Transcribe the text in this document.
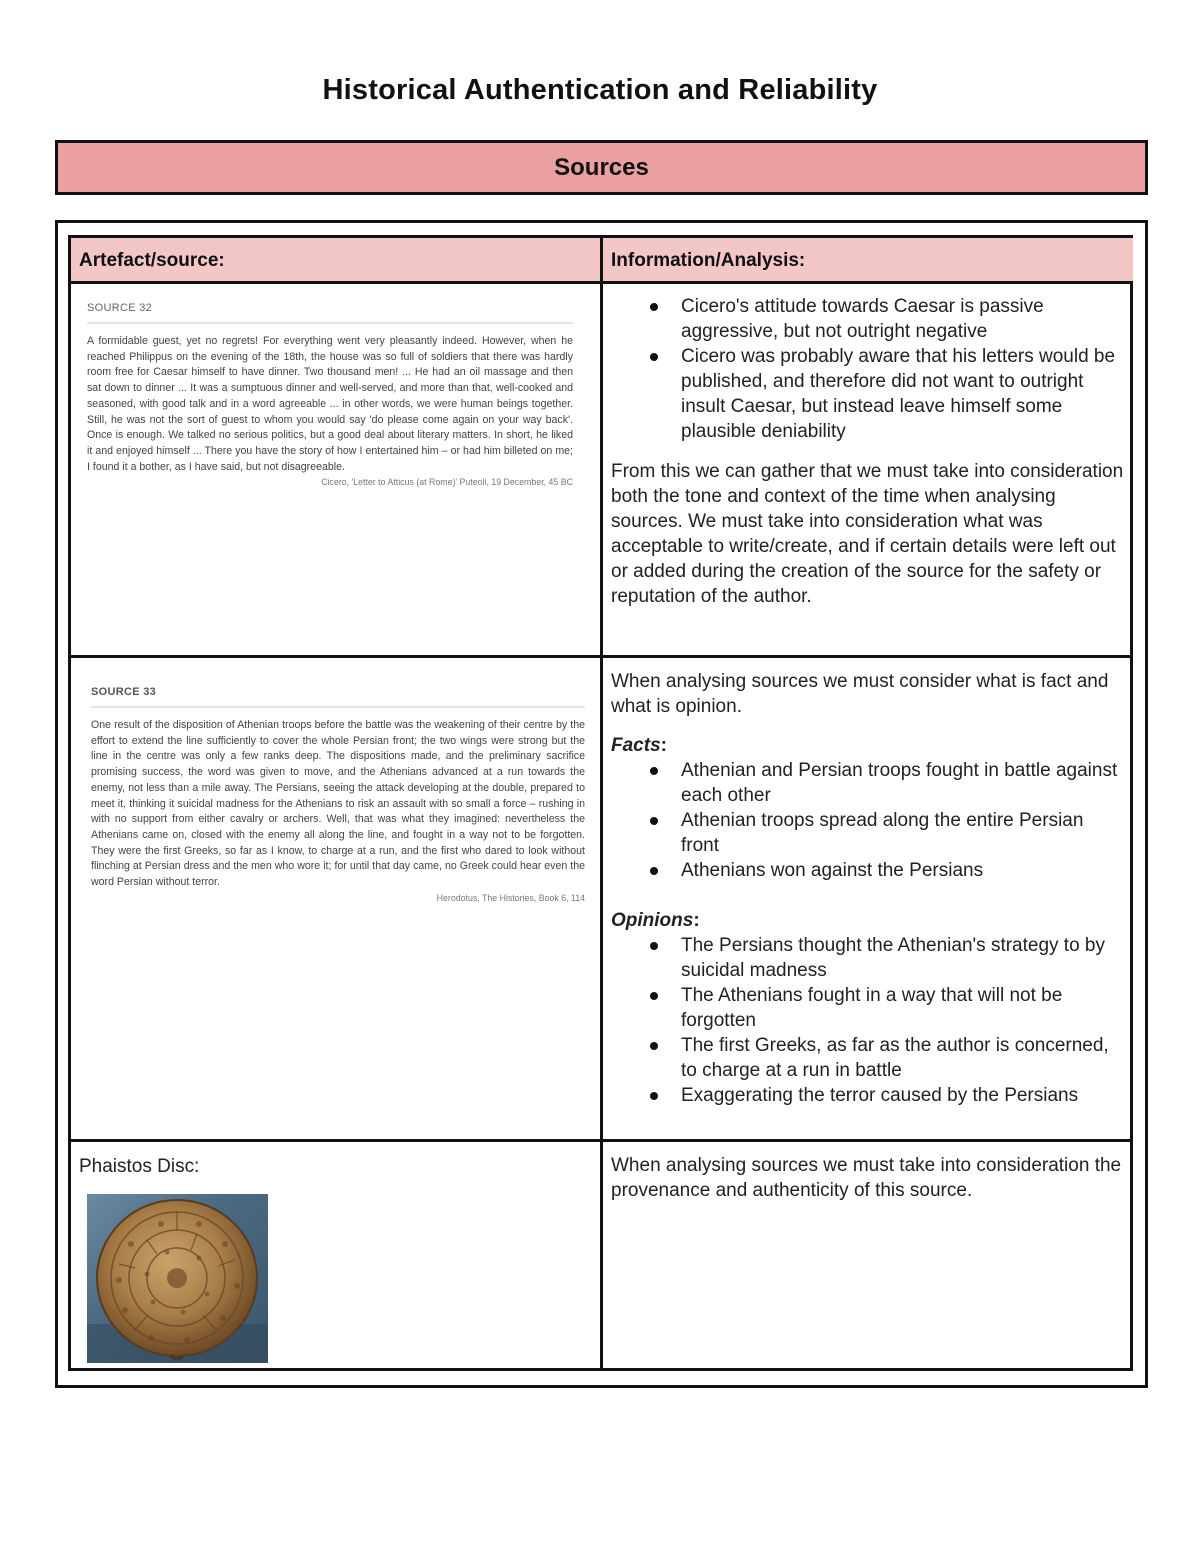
Historical Authentication and Reliability
Sources
Artefact/source:	Information/Analysis:
SOURCE 32
A formidable guest, yet no regrets! For everything went very pleasantly indeed. However, when he reached Philippus on the evening of the 18th, the house was so full of soldiers that there was hardly room free for Caesar himself to have dinner. Two thousand men! ... He had an oil massage and then sat down to dinner ... It was a sumptuous dinner and well-served, and more than that, well-cooked and seasoned, with good talk and in a word agreeable ... in other words, we were human beings together. Still, he was not the sort of guest to whom you would say 'do please come again on your way back'. Once is enough. We talked no serious politics, but a good deal about literary matters. In short, he liked it and enjoyed himself ... There you have the story of how I entertained him – or had him billeted on me; I found it a bother, as I have said, but not disagreeable.
Cicero, 'Letter to Atticus (at Rome)' Puteoli, 19 December, 45 BC
Cicero's attitude towards Caesar is passive aggressive, but not outright negative
Cicero was probably aware that his letters would be published, and therefore did not want to outright insult Caesar, but instead leave himself some plausible deniability

From this we can gather that we must take into consideration both the tone and context of the time when analysing sources. We must take into consideration what was acceptable to write/create, and if certain details were left out or added during the creation of the source for the safety or reputation of the author.

SOURCE 33
One result of the disposition of Athenian troops before the battle was the weakening of their centre by the effort to extend the line sufficiently to cover the whole Persian front; the two wings were strong but the line in the centre was only a few ranks deep. The dispositions made, and the preliminary sacrifice promising success, the word was given to move, and the Athenians advanced at a run towards the enemy, not less than a mile away. The Persians, seeing the attack developing at the double, prepared to meet it, thinking it suicidal madness for the Athenians to risk an assault with so small a force – rushing in with no support from either cavalry or archers. Well, that was what they imagined: nevertheless the Athenians came on, closed with the enemy all along the line, and fought in a way not to be forgotten. They were the first Greeks, so far as I know, to charge at a run, and the first who dared to look without flinching at Persian dress and the men who wore it; for until that day came, no Greek could hear even the word Persian without terror.
Herodotus, The Histories, Book 6, 114

When analysing sources we must consider what is fact and what is opinion.

Facts:

Athenian and Persian troops fought in battle against each other
Athenian troops spread along the entire Persian front
Athenians won against the Persians

Opinions:

The Persians thought the Athenian's strategy to by suicidal madness
The Athenians fought in a way that will not be forgotten
The first Greeks, as far as the author is concerned, to charge at a run in battle
Exaggerating the terror caused by the Persians
Phaistos Disc:	When analysing sources we must take into consideration the provenance and authenticity of this source.
